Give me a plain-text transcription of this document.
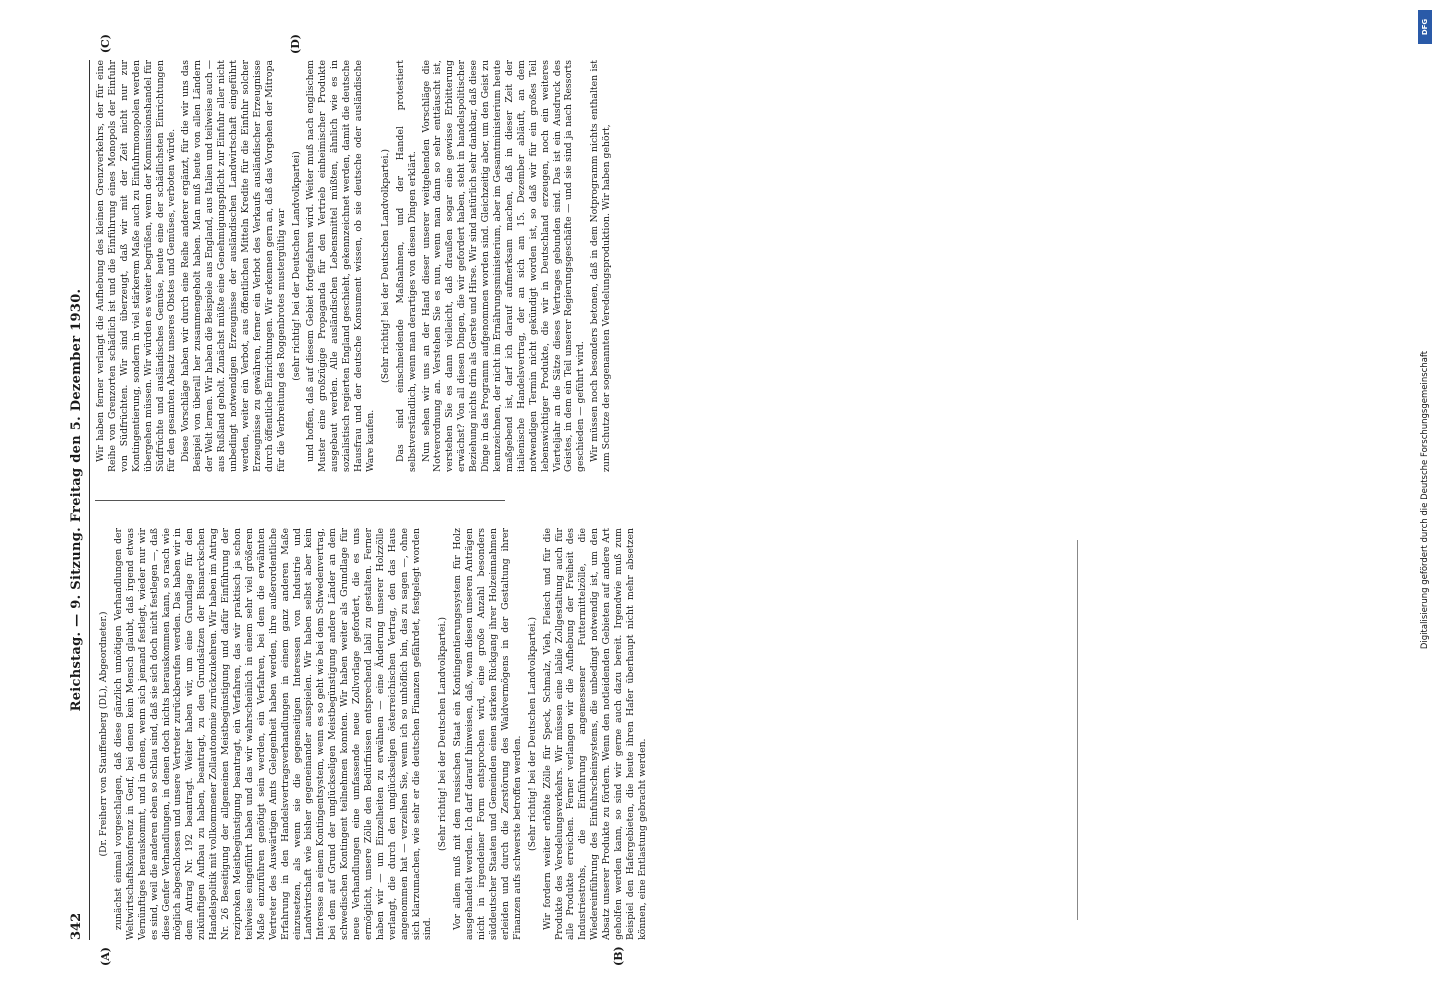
342
Reichstag. — 9. Sitzung. Freitag den 5. Dezember 1930.
(A)	(B)
(C)	(D)

(Dr. Freiherr von Stauffenberg (DL), Abgeordneter.) zunächst einmal vorgeschlagen, daß diese gänzlich unnötigen Verhandlungen der Weltwirtschaftskonferenz in Genf, bei denen kein Mensch glaubt, daß irgend etwas Vernünftiges herauskommt, und in denen, wenn sich jemand festlegt, wieder nur wir es sind, weil die anderen eben so schlau sind, daß sie sich doch nicht festlegen —, daß diese Genfer Verhandlungen, in denen doch nichts herauskommen kann, so rasch wie möglich abgeschlossen und unsere Vertreter zurückberufen werden. Das haben wir in dem Antrag Nr. 192 beantragt. Weiter haben wir, um eine Grundlage für den zukünftigen Aufbau zu haben, beantragt, zu den Grundsätzen der Bismarckschen Handelspolitik mit vollkommener Zollautonomie zurückzukehren. Wir haben im Antrag Nr. 26 Beseitigung der allgemeinen Meistbegünstigung und dafür Einführung der reziproken Meistbegünstigung beantragt, ein Verfahren, das wir praktisch ja schon teilweise eingeführt haben und das wir wahrscheinlich in einem sehr viel größeren Maße einzuführen genötigt sein werden, ein Verfahren, bei dem die erwähnten Vertreter des Auswärtigen Amts Gelegenheit haben werden, ihre außerordentliche Erfahrung in den Handelsvertragsverhandlungen in einem ganz anderen Maße einzusetzen, als wenn sie die gegenseitigen Interessen von Industrie und Landwirtschaft wie bisher gegeneinander ausspielen. Wir haben selbst aber kein Interesse an einem Kontingentsystem, wenn es so geht wie bei dem Schwedenvertrag, bei dem auf Grund der unglückseligen Meistbegünstigung andere Länder an dem schwedischen Kontingent teilnehmen konnten. Wir haben weiter als Grundlage für neue Verhandlungen eine umfassende neue Zollvorlage gefordert, die es uns ermöglicht, unsere Zölle den Bedürfnissen entsprechend labil zu gestalten. Ferner haben wir — um Einzelheiten zu erwähnen — eine Änderung unserer Holzzölle verlangt, die durch den unglückseligen österreichischen Vertrag, den das Haus angenommen hat — verzeihen Sie, wenn ich so unhöflich bin, das zu sagen —, ohne sich klarzumachen, wie sehr er die deutschen Finanzen gefährdet, festgelegt worden sind.

(Sehr richtig! bei der Deutschen Landvolkpartei.) Vor allem muß mit dem russischen Staat ein Kontingentierungssystem für Holz ausgehandelt werden. Ich darf darauf hinweisen, daß, wenn diesen unseren Anträgen nicht in irgendeiner Form entsprochen wird, eine große Anzahl besonders süddeutscher Staaten und Gemeinden einen starken Rückgang ihrer Holzeinnahmen erleiden und durch die Zerstörung des Waldvermögens in der Gestaltung ihrer Finanzen aufs schwerste betroffen werden. (Sehr richtig! bei der Deutschen Landvolkpartei.) Wir fordern weiter erhöhte Zölle für Speck, Schmalz, Vieh, Fleisch und für die Produkte des Veredelungsverkehrs. Wir müssen eine labile Zollgestaltung auch für alle Produkte erreichen. Ferner verlangen wir die Aufhebung der Freiheit des Industriestrohs, die Einführung angemessener Futtermittelzölle, die Wiedereinführung des Einfuhrscheinsystems, die unbedingt notwendig ist, um den Absatz unserer Produkte zu fördern. Wenn den notleidenden Gebieten auf andere Art geholfen werden kann, so sind wir gerne auch dazu bereit. Irgendwie muß zum Beispiel den Hafergebieten, die heute ihren Hafer überhaupt nicht mehr absetzen können, eine Entlastung gebracht werden.

Wir haben ferner verlangt die Aufhebung des kleinen Grenzverkehrs, der für eine Reihe von Grenzorten schädlich ist und die Einführung eines Monopols der Einfuhr von Südfrüchten. Wir sind überzeugt, daß wir mit der Zeit nicht nur zur Kontingentierung, sondern in viel stärkerem Maße auch zu Einfuhrmonopolen werden übergehen müssen. Wir würden es weiter begrüßen, wenn der Kommissionshandel für Südfrüchte und ausländisches Gemüse, heute eine der schädlichsten Einrichtungen für den gesamten Absatz unseres Obstes und Gemüses, verboten würde. Diese Vorschläge haben wir durch eine Reihe anderer ergänzt, für die wir uns das Beispiel von überall her zusammengeholt haben. Man muß heute von allen Ländern der Welt lernen. Wir haben die Beispiele aus England, aus Italien und teilweise auch — aus Rußland geholt. Zunächst müßte eine Genehmigungspflicht zur Einfuhr aller nicht unbedingt notwendigen Erzeugnisse der ausländischen Landwirtschaft eingeführt werden, weiter ein Verbot, aus öffentlichen Mitteln Kredite für die Einfuhr solcher Erzeugnisse zu gewähren, ferner ein Verbot des Verkaufs ausländischer Erzeugnisse durch öffentliche Einrichtungen. Wir erkennen gern an, daß das Vorgehen der Mitropa für die Verbreitung des Roggenbrotes mustergültig war (sehr richtig! bei der Deutschen Landvolkpartei) und hoffen, daß auf diesem Gebiet fortgefahren wird. Weiter muß nach englischem Muster eine großzügige Propaganda für den Vertrieb einheimischer Produkte ausgebaut werden. Alle ausländischen Lebensmittel müßten, ähnlich wie es in sozialistisch regierten England geschieht, gekennzeichnet werden, damit die deutsche Hausfrau und der deutsche Konsument wissen, ob sie deutsche oder ausländische Ware kaufen.

(Sehr richtig! bei der Deutschen Landvolkpartei.) Das sind einschneidende Maßnahmen, und der Handel protestiert selbstverständlich, wenn man derartiges von diesen Dingen erklärt. Nun sehen wir uns an der Hand dieser unserer weitgehenden Vorschläge die Notverordnung an. Verstehen Sie es nun, wenn man dann so sehr enttäuscht ist, verstehen Sie es dann vielleicht, daß draußen sogar eine gewisse Erbitterung erwächst? Von all diesen Dingen, die wir gefordert haben, steht in handelspolitischer Beziehung nichts drin als Gerste und Hirse. Wir sind natürlich sehr dankbar, daß diese Dinge in das Programm aufgenommen worden sind. Gleichzeitig aber, um den Geist zu kennzeichnen, der nicht im Ernährungsministerium, aber im Gesamtministerium heute maßgebend ist, darf ich darauf aufmerksam machen, daß in dieser Zeit der italienische Handelsvertrag, der an sich am 15. Dezember abläuft, an dem notwendigen Termin nicht gekündigt worden ist, so daß wir für ein großes Teil lebenswichtiger Produkte, die wir in Deutschland erzeugen, noch ein weiteres Vierteljahr an die Sätze dieses Vertrages gebunden sind. Das ist ein Ausdruck des Geistes, in dem ein Teil unserer Regierungsgeschäfte — und sie sind ja nach Ressorts geschieden — geführt wird. Wir müssen noch besonders betonen, daß in dem Notprogramm nichts enthalten ist zum Schutze der sogenannten Veredelungsproduktion. Wir haben gehört,

Digitalisierung gefördert durch die Deutsche Forschungsgemeinschaft
DFG
